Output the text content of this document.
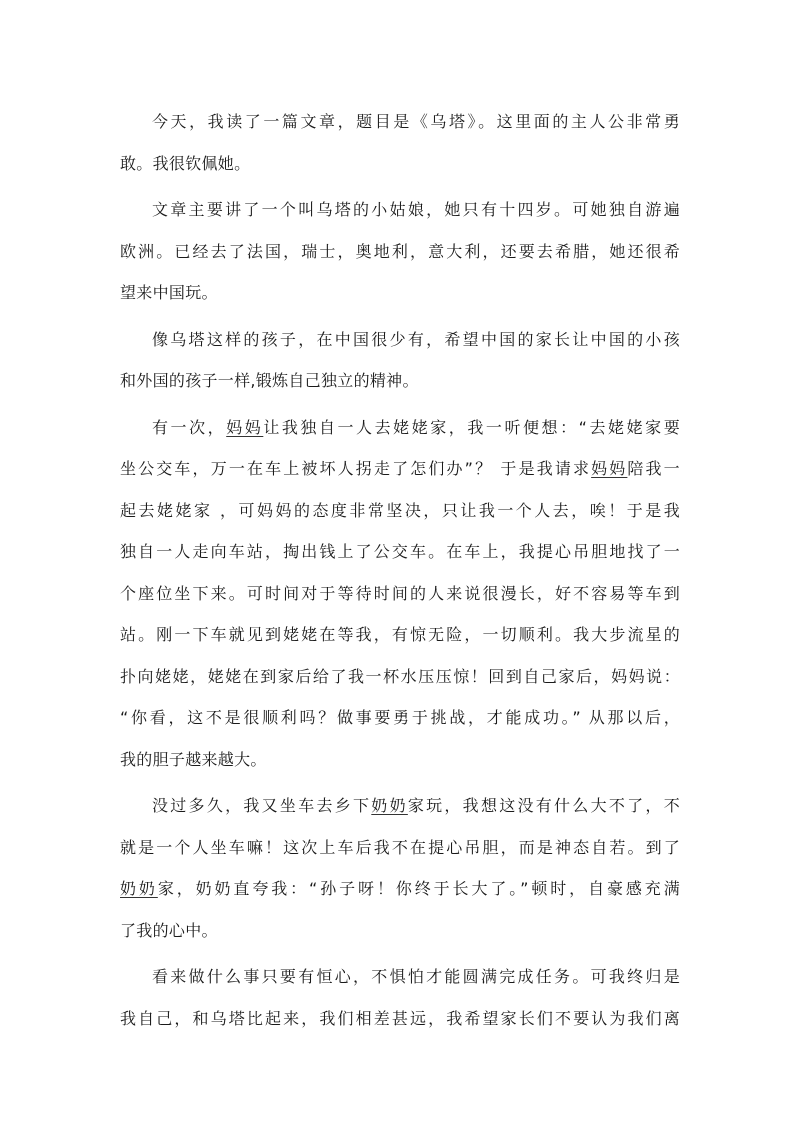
今天，我读了一篇文章，题目是《乌塔》。这里面的主人公非常勇
敢。我很钦佩她。

文章主要讲了一个叫乌塔的小姑娘，她只有十四岁。可她独自游遍
欧洲。已经去了法国，瑞士，奥地利，意大利，还要去希腊，她还很希
望来中国玩。

像乌塔这样的孩子，在中国很少有，希望中国的家长让中国的小孩
和外国的孩子一样,锻炼自己独立的精神。

有一次，妈妈让我独自一人去姥姥家，我一听便想：“去姥姥家要
坐公交车，万一在车上被坏人拐走了怎们办”？ 于是我请求妈妈陪我一
起去姥姥家 ，可妈妈的态度非常坚决，只让我一个人去，唉！于是我
独自一人走向车站，掏出钱上了公交车。在车上，我提心吊胆地找了一
个座位坐下来。可时间对于等待时间的人来说很漫长，好不容易等车到
站。刚一下车就见到姥姥在等我，有惊无险，一切顺利。我大步流星的
扑向姥姥，姥姥在到家后给了我一杯水压压惊！回到自己家后，妈妈说：
“你看，这不是很顺利吗？做事要勇于挑战，才能成功。” 从那以后，
我的胆子越来越大。

没过多久，我又坐车去乡下奶奶家玩，我想这没有什么大不了，不
就是一个人坐车嘛！这次上车后我不在提心吊胆，而是神态自若。到了
奶奶家，奶奶直夸我：“孙子呀！你终于长大了。”顿时，自豪感充满
了我的心中。

看来做什么事只要有恒心，不惧怕才能圆满完成任务。可我终归是
我自己，和乌塔比起来，我们相差甚远，我希望家长们不要认为我们离
